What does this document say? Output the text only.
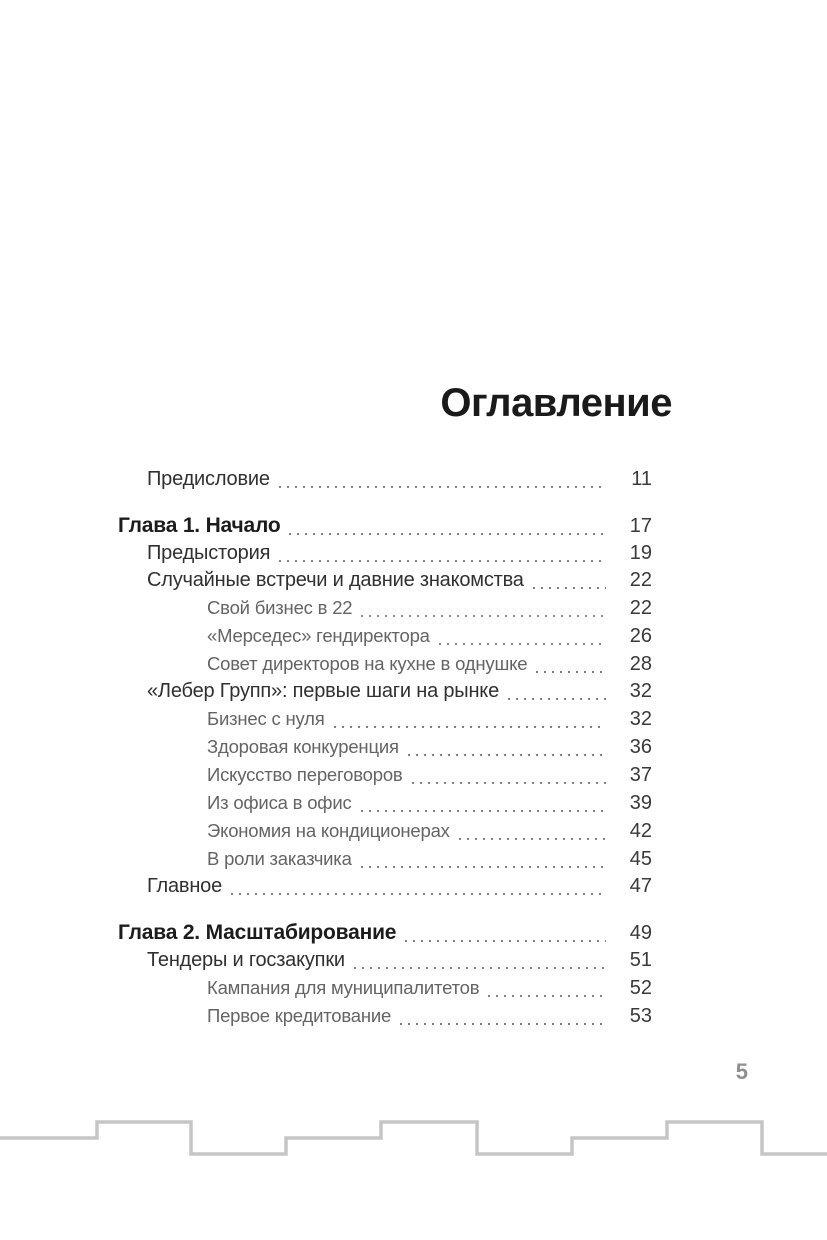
Оглавление
Предисловие	11
Глава 1. Начало	17
Предыстория	19
Случайные встречи и давние знакомства	22
Свой бизнес в 22	22
«Мерседес» гендиректора	26
Совет директоров на кухне в однушке	28
«Лебер Групп»: первые шаги на рынке	32
Бизнес с нуля	32
Здоровая конкуренция	36
Искусство переговоров	37
Из офиса в офис	39
Экономия на кондиционерах	42
В роли заказчика	45
Главное	47
Глава 2. Масштабирование	49
Тендеры и госзакупки	51
Кампания для муниципалитетов	52
Первое кредитование	53
5
